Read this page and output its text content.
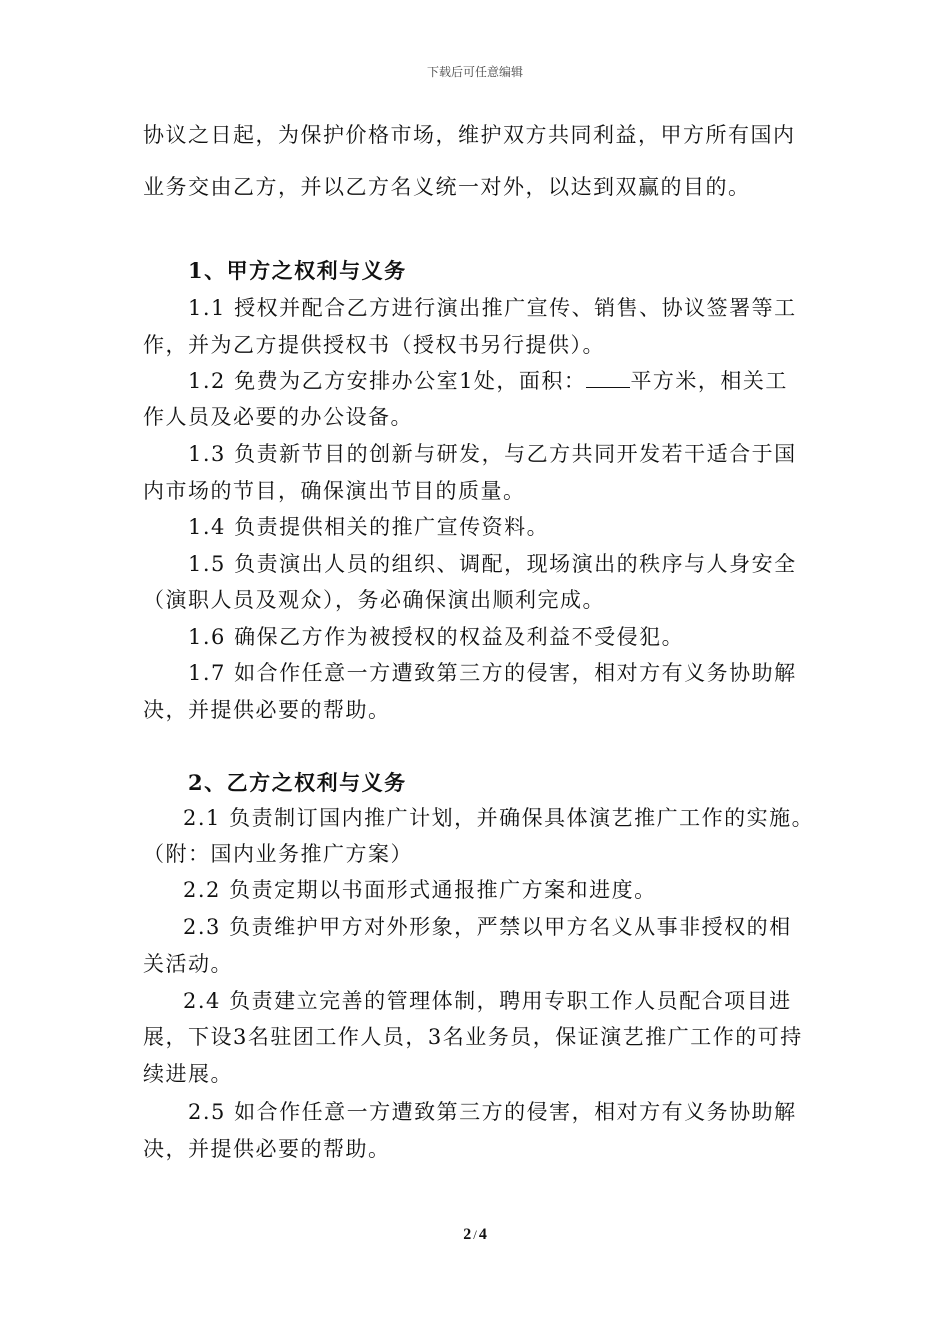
下载后可任意编辑
协议之日起，为保护价格市场，维护双方共同利益，甲方所有国内
业务交由乙方，并以乙方名义统一对外，以达到双赢的目的。
1、甲方之权利与义务
1.1 授权并配合乙方进行演出推广宣传、销售、协议签署等工
作，并为乙方提供授权书（授权书另行提供）。
1.2 免费为乙方安排办公室1处，面积： 平方米，相关工
作人员及必要的办公设备。
1.3 负责新节目的创新与研发，与乙方共同开发若干适合于国
内市场的节目，确保演出节目的质量。
1.4 负责提供相关的推广宣传资料。
1.5 负责演出人员的组织、调配，现场演出的秩序与人身安全
（演职人员及观众），务必确保演出顺利完成。
1.6 确保乙方作为被授权的权益及利益不受侵犯。
1.7 如合作任意一方遭致第三方的侵害，相对方有义务协助解
决，并提供必要的帮助。
2、乙方之权利与义务
2.1 负责制订国内推广计划，并确保具体演艺推广工作的实施。
（附：国内业务推广方案）
2.2 负责定期以书面形式通报推广方案和进度。
2.3 负责维护甲方对外形象，严禁以甲方名义从事非授权的相
关活动。
2.4 负责建立完善的管理体制，聘用专职工作人员配合项目进
展，下设3名驻团工作人员，3名业务员，保证演艺推广工作的可持
续进展。
2.5 如合作任意一方遭致第三方的侵害，相对方有义务协助解
决，并提供必要的帮助。
2 / 4
